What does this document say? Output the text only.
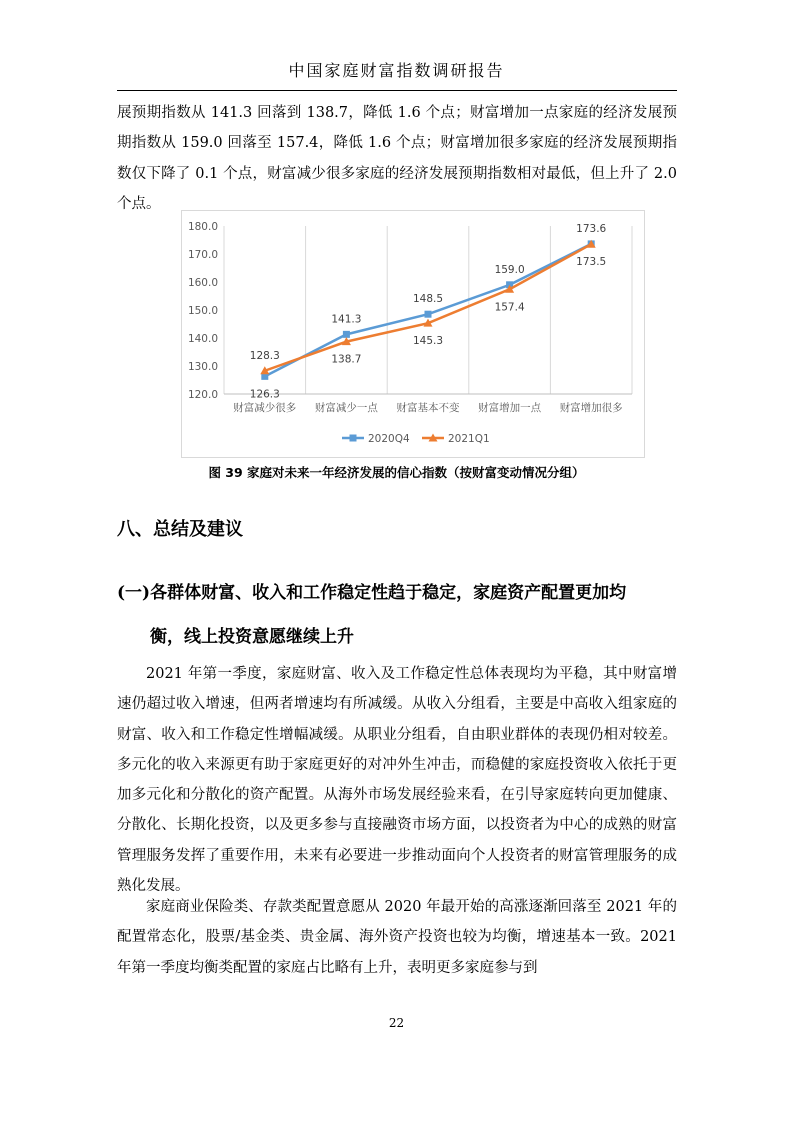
中国家庭财富指数调研报告

展预期指数从 141.3 回落到 138.7，降低 1.6 个点；财富增加一点家庭的经济发展预期指数从 159.0 回落至 157.4，降低 1.6 个点；财富增加很多家庭的经济发展预期指数仅下降了 0.1 个点，财富减少很多家庭的经济发展预期指数相对最低，但上升了 2.0 个点。

120.0
130.0
140.0
150.0
160.0
170.0
180.0
财富减少很多 财富减少一点 财富基本不变 财富增加一点 财富增加很多
126.3
128.3
141.3
138.7
148.5
145.3
159.0
157.4
173.6
173.5
2020Q4	2021Q1
图 39 家庭对未来一年经济发展的信心指数（按财富变动情况分组）
八、总结及建议
(一)各群体财富、收入和工作稳定性趋于稳定，家庭资产配置更加均
衡，线上投资意愿继续上升

2021 年第一季度，家庭财富、收入及工作稳定性总体表现均为平稳，其中财富增速仍超过收入增速，但两者增速均有所减缓。从收入分组看，主要是中高收入组家庭的财富、收入和工作稳定性增幅减缓。从职业分组看，自由职业群体的表现仍相对较差。多元化的收入来源更有助于家庭更好的对冲外生冲击，而稳健的家庭投资收入依托于更加多元化和分散化的资产配置。从海外市场发展经验来看，在引导家庭转向更加健康、分散化、长期化投资，以及更多参与直接融资市场方面，以投资者为中心的成熟的财富管理服务发挥了重要作用，未来有必要进一步推动面向个人投资者的财富管理服务的成熟化发展。

家庭商业保险类、存款类配置意愿从 2020 年最开始的高涨逐渐回落至 2021 年的配置常态化，股票/基金类、贵金属、海外资产投资也较为均衡，增速基本一致。2021 年第一季度均衡类配置的家庭占比略有上升，表明更多家庭参与到

22
